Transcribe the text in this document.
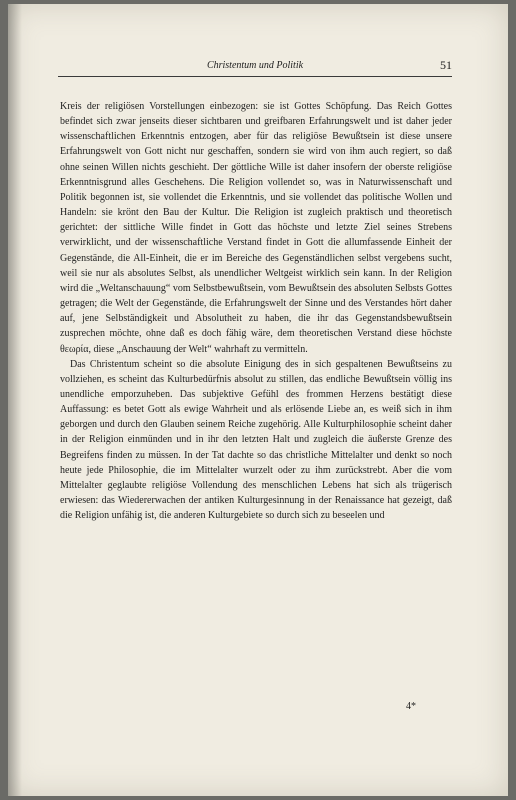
Christentum und Politik	51

Kreis der religiösen Vorstellungen einbezogen: sie ist Gottes Schöpfung. Das Reich Gottes befindet sich zwar jenseits dieser sichtbaren und greifbaren Erfahrungswelt und ist daher jeder wissenschaftlichen Erkenntnis entzogen, aber für das religiöse Bewußtsein ist diese unsere Erfahrungswelt von Gott nicht nur geschaffen, sondern sie wird von ihm auch regiert, so daß ohne seinen Willen nichts geschieht. Der göttliche Wille ist daher insofern der oberste religiöse Erkenntnisgrund alles Geschehens. Die Religion vollendet so, was in Naturwissenschaft und Politik begonnen ist, sie vollendet die Erkenntnis, und sie vollendet das politische Wollen und Handeln: sie krönt den Bau der Kultur. Die Religion ist zugleich praktisch und theoretisch gerichtet: der sittliche Wille findet in Gott das höchste und letzte Ziel seines Strebens verwirklicht, und der wissenschaftliche Verstand findet in Gott die allumfassende Einheit der Gegenstände, die All-Einheit, die er im Bereiche des Gegenständlichen selbst vergebens sucht, weil sie nur als absolutes Selbst, als unendlicher Weltgeist wirklich sein kann. In der Religion wird die „Weltanschauung“ vom Selbstbewußtsein, vom Bewußtsein des absoluten Selbsts Gottes getragen; die Welt der Gegenstände, die Erfahrungswelt der Sinne und des Verstandes hört daher auf, jene Selbständigkeit und Absolutheit zu haben, die ihr das Gegenstandsbewußtsein zusprechen möchte, ohne daß es doch fähig wäre, dem theoretischen Verstand diese höchste θεωρία, diese „Anschauung der Welt“ wahrhaft zu vermitteln.

Das Christentum scheint so die absolute Einigung des in sich gespaltenen Bewußtseins zu vollziehen, es scheint das Kulturbedürfnis absolut zu stillen, das endliche Bewußtsein völlig ins unendliche emporzuheben. Das subjektive Gefühl des frommen Herzens bestätigt diese Auffassung: es betet Gott als ewige Wahrheit und als erlösende Liebe an, es weiß sich in ihm geborgen und durch den Glauben seinem Reiche zugehörig. Alle Kulturphilosophie scheint daher in der Religion einmünden und in ihr den letzten Halt und zugleich die äußerste Grenze des Begreifens finden zu müssen. In der Tat dachte so das christliche Mittelalter und denkt so noch heute jede Philosophie, die im Mittelalter wurzelt oder zu ihm zurückstrebt. Aber die vom Mittelalter geglaubte religiöse Vollendung des menschlichen Lebens hat sich als trügerisch erwiesen: das Wiedererwachen der antiken Kulturgesinnung in der Renaissance hat gezeigt, daß die Religion unfähig ist, die anderen Kulturgebiete so durch sich zu beseelen und

4*
